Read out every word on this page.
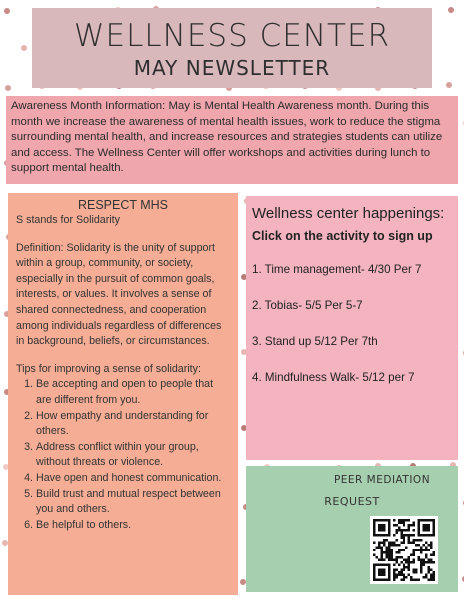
WELLNESS CENTER
MAY NEWSLETTER
Awareness Month Information: May is Mental Health Awareness month. During this month we increase the awareness of mental health issues, work to reduce the stigma surrounding mental health, and increase resources and strategies students can utilize and access. The Wellness Center will offer workshops and activities during lunch to support mental health.
RESPECT MHS

S stands for Solidarity

Definition: Solidarity is the unity of support within a group, community, or society, especially in the pursuit of common goals, interests, or values. It involves a sense of shared connectedness, and cooperation among individuals regardless of differences in background, beliefs, or circumstances.

Tips for improving a sense of solidarity:

1. Be accepting and open to people that are different from you.
2. How empathy and understanding for others.
3. Address conflict within your group, without threats or violence.
4. Have open and honest communication.
5. Build trust and mutual respect between you and others.
6. Be helpful to others.
Wellness center happenings:
Click on the activity to sign up
1. Time management- 4/30 Per 7
2. Tobias- 5/5 Per 5-7
3. Stand up 5/12 Per 7th
4. Mindfulness Walk- 5/12 per 7
PEER MEDIATION
REQUEST
